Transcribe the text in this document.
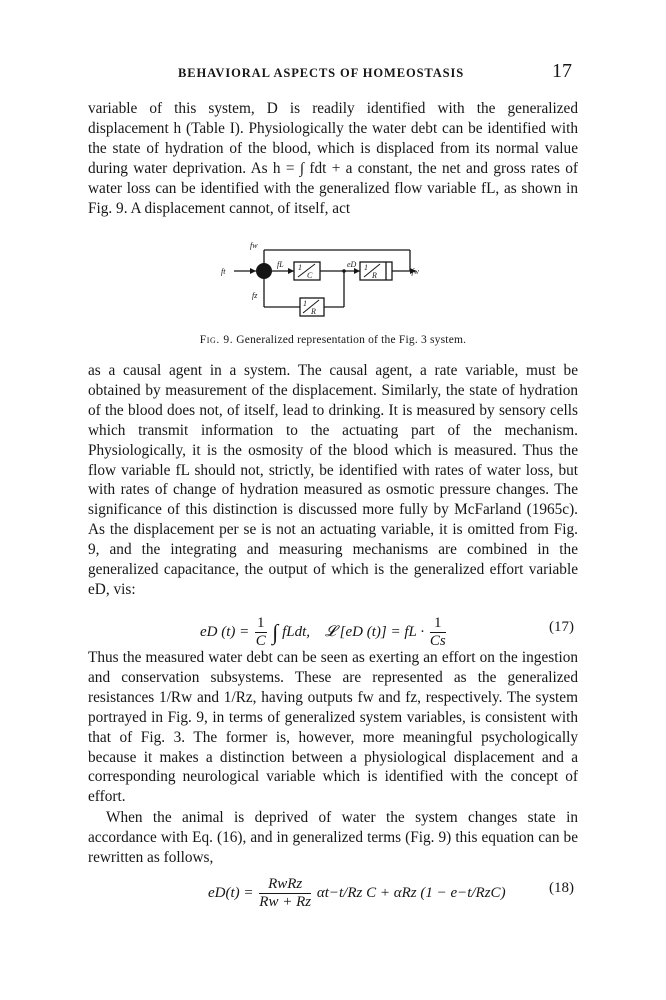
BEHAVIORAL ASPECTS OF HOMEOSTASIS	17
variable of this system, D is readily identified with the generalized displacement h (Table I). Physiologically the water debt can be identified with the state of hydration of the blood, which is displaced from its normal value during water deprivation. As h = ∫ fdt + a constant, the net and gross rates of water loss can be identified with the generalized flow variable fL, as shown in Fig. 9. A displacement cannot, of itself, act
fw
ft
fL	eD
fz
fw
1
C
1
R
1
R
Fig. 9. Generalized representation of the Fig. 3 system.
as a causal agent in a system. The causal agent, a rate variable, must be obtained by measurement of the displacement. Similarly, the state of hydration of the blood does not, of itself, lead to drinking. It is measured by sensory cells which transmit information to the actuating part of the mechanism. Physiologically, it is the osmosity of the blood which is measured. Thus the flow variable fL should not, strictly, be identified with rates of water loss, but with rates of change of hydration measured as osmotic pressure changes. The significance of this distinction is discussed more fully by McFarland (1965c). As the displacement per se is not an actuating variable, it is omitted from Fig. 9, and the integrating and measuring mechanisms are combined in the generalized capacitance, the output of which is the generalized effort variable eD, vis:
eD $(t) = \frac{1}{C}$ ∫ fLdt, 𝓛 [eD (t)] = fL · $\frac{1}{Cs}$	(17)
Thus the measured water debt can be seen as exerting an effort on the ingestion and conservation subsystems. These are represented as the generalized resistances 1/Rw and 1/Rz, having outputs fw and fz, respectively. The system portrayed in Fig. 9, in terms of generalized system variables, is consistent with that of Fig. 3. The former is, however, more meaningful psychologically because it makes a distinction between a physiological displacement and a corresponding neurological variable which is identified with the concept of effort.
When the animal is deprived of water the system changes state in accordance with Eq. (16), and in generalized terms (Fig. 9) this equation can be rewritten as follows,
$eD(t) = \frac{\text{RwRz}}{Rw + Rz} \alpha t-t/Rz$ C + αRz (1 − e−t/RzC)	(18)
